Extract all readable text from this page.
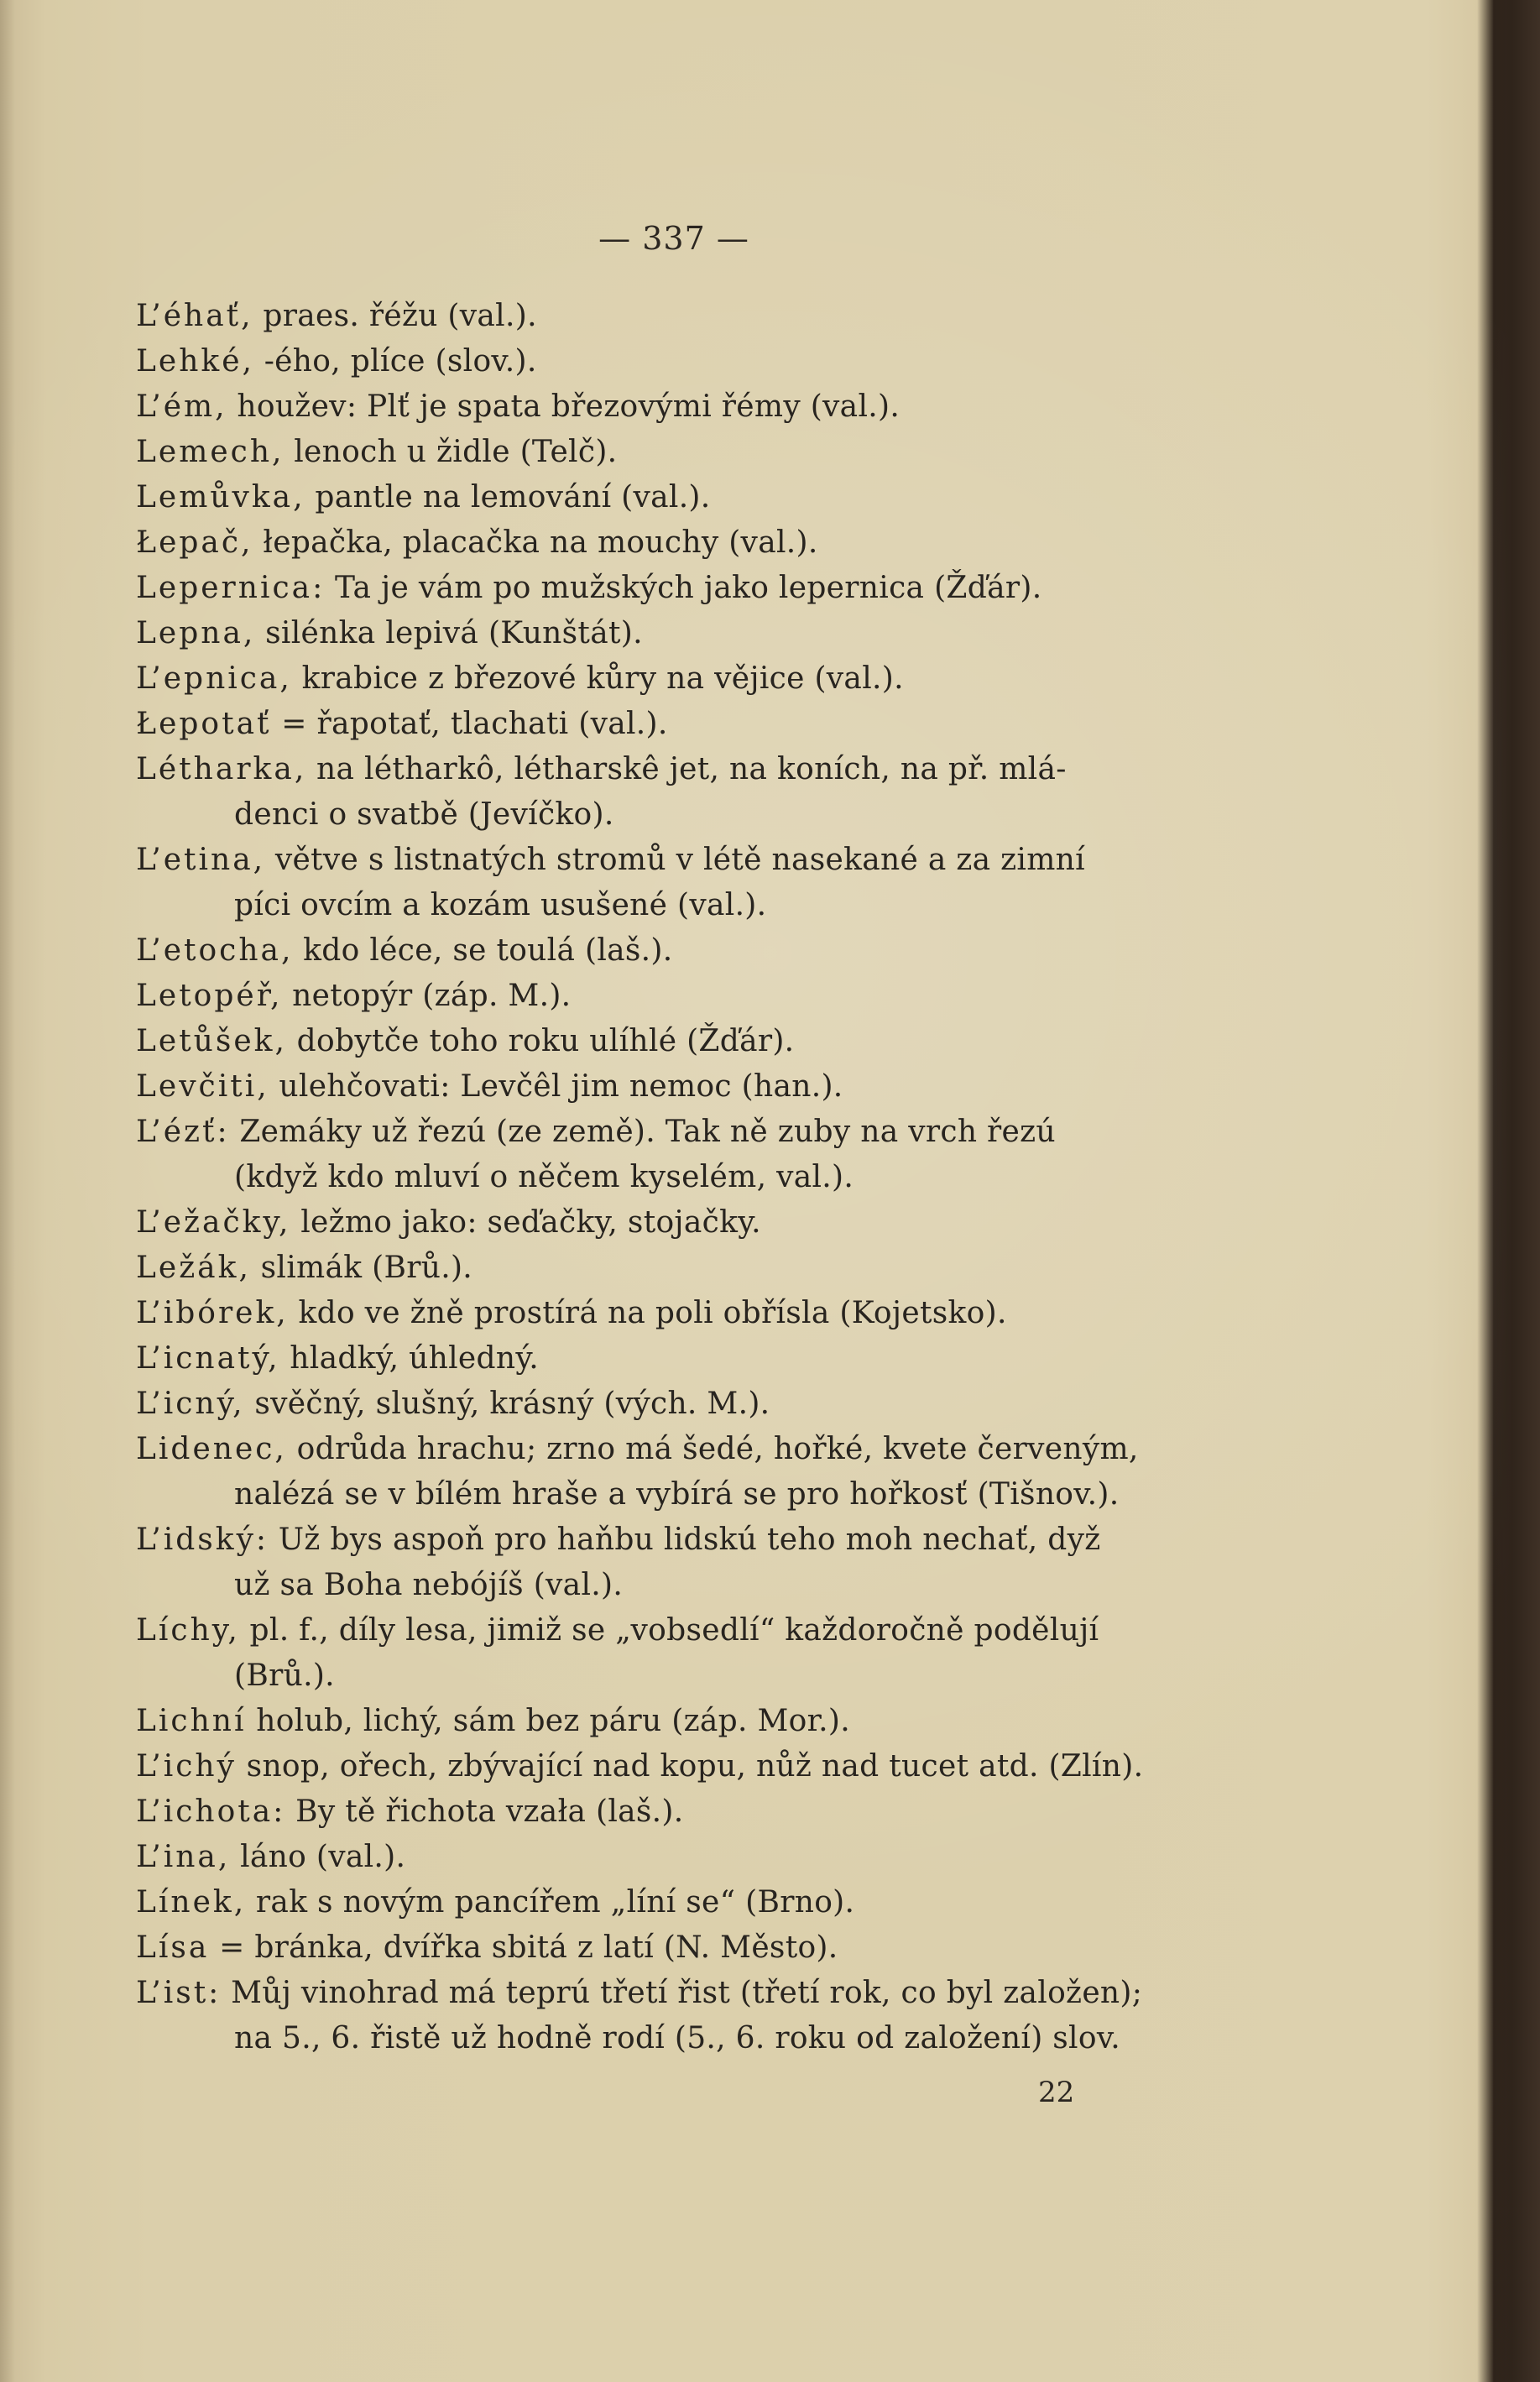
— 337 —
L’éhať, praes. řéžu (val.).
Lehké, -ého, plíce (slov.).
L’ém, houžev: Plť je spata březovými řémy (val.).
Lemech, lenoch u židle (Telč).
Lemůvka, pantle na lemování (val.).
Łepač, łepačka, placačka na mouchy (val.).
Lepernica: Ta je vám po mužských jako lepernica (Žďár).
Lepna, silénka lepivá (Kunštát).
L’epnica, krabice z březové kůry na vějice (val.).
Łepotať = řapotať, tlachati (val.).
Létharka, na létharkô, létharskê jet, na koních, na př. mlá-
denci o svatbě (Jevíčko).
L’etina, větve s listnatých stromů v létě nasekané a za zimní
píci ovcím a kozám usušené (val.).
L’etocha, kdo léce, se toulá (laš.).
Letopéř, netopýr (záp. M.).
Letůšek, dobytče toho roku ulíhlé (Žďár).
Levčiti, ulehčovati: Levčêl jim nemoc (han.).
L’ézť: Zemáky už řezú (ze země). Tak ně zuby na vrch řezú
(když kdo mluví o něčem kyselém, val.).
L’ežačky, ležmo jako: seďačky, stojačky.
Ležák, slimák (Brů.).
L’ibórek, kdo ve žně prostírá na poli obřísla (Kojetsko).
L’icnatý, hladký, úhledný.
L’icný, svěčný, slušný, krásný (vých. M.).
Lidenec, odrůda hrachu; zrno má šedé, hořké, kvete červeným,
nalézá se v bílém hraše a vybírá se pro hořkosť (Tišnov.).
L’idský: Už bys aspoň pro haňbu lidskú teho moh nechať, dyž
už sa Boha nebójíš (val.).
Líchy, pl. f., díly lesa, jimiž se „vobsedlí“ každoročně podělují
(Brů.).
Lichní holub, lichý, sám bez páru (záp. Mor.).
L’ichý snop, ořech, zbývající nad kopu, nůž nad tucet atd. (Zlín).
L’ichota: By tě řichota vzała (laš.).
L’ina, láno (val.).
Línek, rak s novým pancířem „líní se“ (Brno).
Lísa = bránka, dvířka sbitá z latí (N. Město).
L’ist: Můj vinohrad má teprú třetí řist (třetí rok, co byl založen);
na 5., 6. řistě už hodně rodí (5., 6. roku od založení) slov.
22
